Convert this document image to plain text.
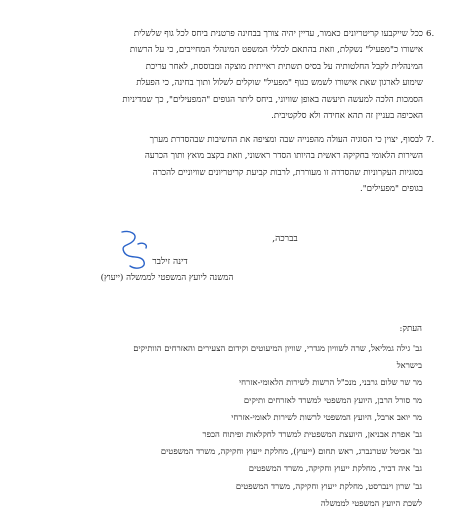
6.
ככל שייקבעו קריטריונים כאמור, עדיין יהיה צורך בבחינה פרטנית ביחס לכל גוף שלשלית
אישורו כ"מפעיל" נשקלת, וזאת בהתאם לכללי המשפט המינהלי המחייבים, כי על הרשות
המינהלית לקבל החלטותיה על בסיס תשתית ראייתית מוצקה ומבוססת, לאחר עריכת
שימוע לארגון שאת אישורו לשמש כגוף "מפעיל" שוקלים לשלול ותוך בחינה, כי הפעלת
הסמכות הלכה למעשה תיעשה באופן שוויוני, ביחס ליתר הגופים "המפעילים", כך שמדיניות
האכיפה בעניין זה תהא אחידה ולא סלקטיבית.
7.
לבסוף, יצוין כי הסוגיה העולה מהפנייה שבה ומציפה את החשיבות שבהסדרת מערך
השירות הלאומי בחקיקה ראשית בהיותו הסדר ראשוני, וזאת בקצב מואץ ותוך הכרעה
בסוגיות העקרוניות שהסדרה זו מעוררת, לרבות קביעת קריטריונים שוויוניים להכרה
בגופים "מפעילים".
בברכה,
דינה זילבר
המשנה ליועץ המשפטי לממשלה (ייעוץ)
העתק:
גב' גילה גמליאל, שרה לשוויון מגדרי, שוויון המיעוטים וקידום הצעירים והאזרחים הוותיקים
בישראל
מר שר שלום גרבני, מנכ"ל הרשות לשירות הלאומי-אזרחי
מר סורל הרבן, היועץ המשפטי למשרד לאזרחים ותיקים
מר יואב ארבל, היועץ המשפטי לרשות לשירות לאומי-אזרחי
גב' אפרת אבניאן, היועצת המשפטית למשרד לחקלאות ופיתוח הכפר
גב' אביטל שטרנברג, ראש תחום (ייעוץ), מחלקת ייעוץ וחקיקה, משרד המשפטים
גב' איה דביר, מחלקת ייעוץ וחקיקה, משרד המשפטים
גב' שרון וינברסט, מחלקת ייעוץ וחקיקה, משרד המשפטים
לשכת היועץ המשפטי לממשלה
